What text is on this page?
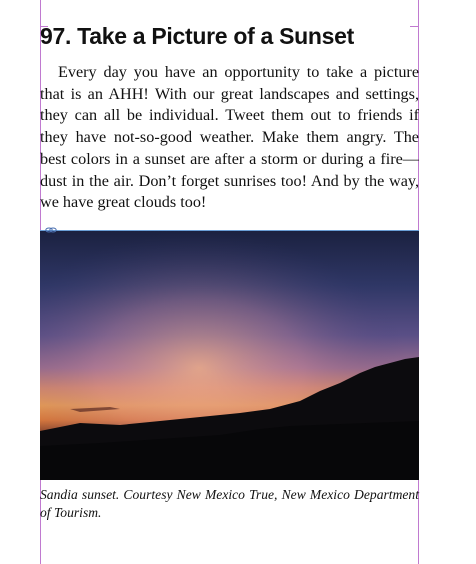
97. Take a Picture of a Sunset

Every day you have an opportunity to take a picture that is an AHH! With our great landscapes and settings, they can all be individual. Tweet them out to friends if they have not-so-good weather. Make them angry. The best colors in a sunset are after a storm or during a fire—dust in the air. Don’t forget sunrises too! And by the way, we have great clouds too!

Sandia sunset. Courtesy New Mexico True, New Mexico Department of Tourism.
